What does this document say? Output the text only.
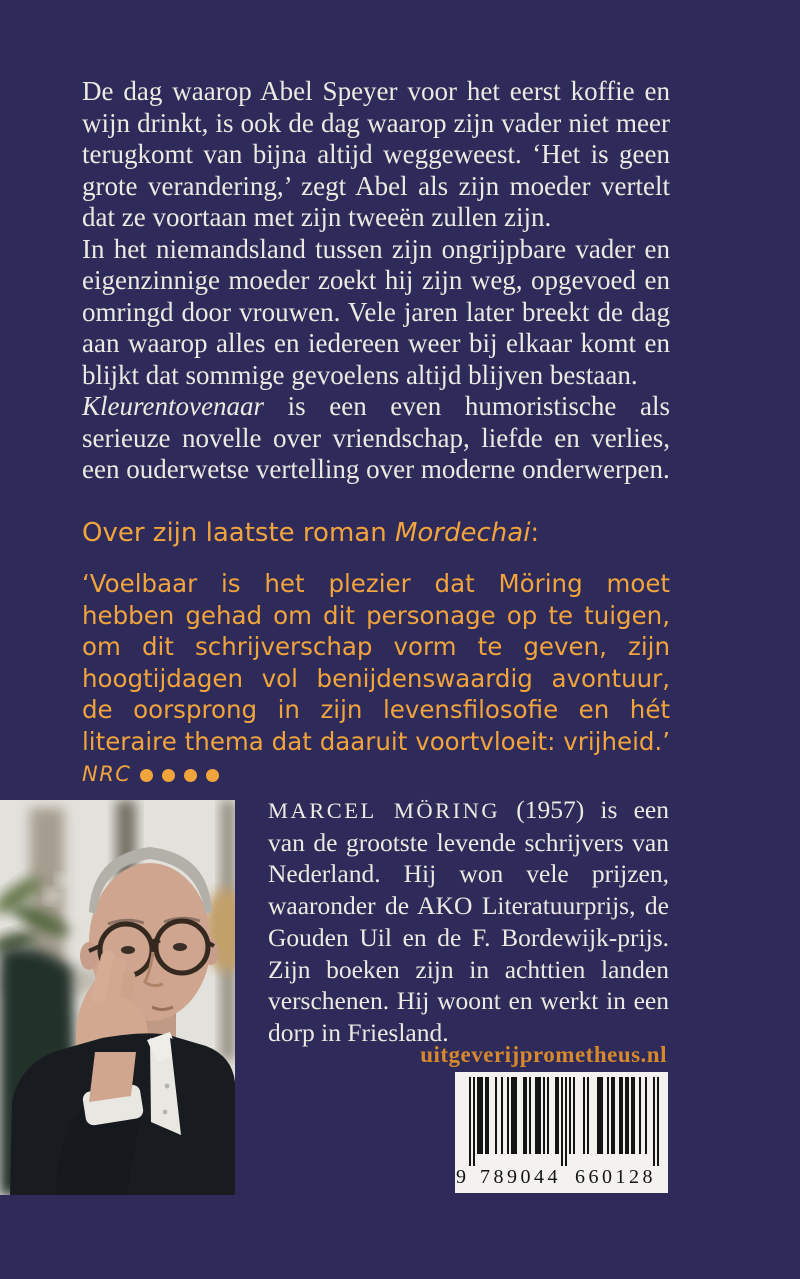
De dag waarop Abel Speyer voor het eerst koffie en wijn drinkt, is ook de dag waarop zijn vader niet meer terugkomt van bijna altijd weggeweest. ‘Het is geen grote verandering,’ zegt Abel als zijn moeder vertelt dat ze voortaan met zijn tweeën zullen zijn.

In het niemandsland tussen zijn ongrijpbare vader en eigenzinnige moeder zoekt hij zijn weg, opgevoed en omringd door vrouwen. Vele jaren later breekt de dag aan waarop alles en iedereen weer bij elkaar komt en blijkt dat sommige gevoelens altijd blijven bestaan.

Kleurentovenaar is een even humoristische als serieuze novelle over vriendschap, liefde en verlies, een ouderwetse vertelling over moderne onderwerpen.

Over zijn laatste roman Mordechai:
‘Voelbaar is het plezier dat Möring moet hebben gehad om dit personage op te tuigen, om dit schrijverschap vorm te geven, zijn hoogtijdagen vol benijdenswaardig avontuur, de oorsprong in zijn levensfilosofie en hét literaire thema dat daaruit voortvloeit: vrijheid.’ NRC
MARCEL MÖRING (1957) is een van de grootste levende schrijvers van Nederland. Hij won vele prijzen, waaronder de AKO Literatuurprijs, de Gouden Uil en de F. Bordewijk-prijs. Zijn boeken zijn in achttien landen verschenen. Hij woont en werkt in een dorp in Friesland.
uitgeverijprometheus.nl
9 789044 660128
